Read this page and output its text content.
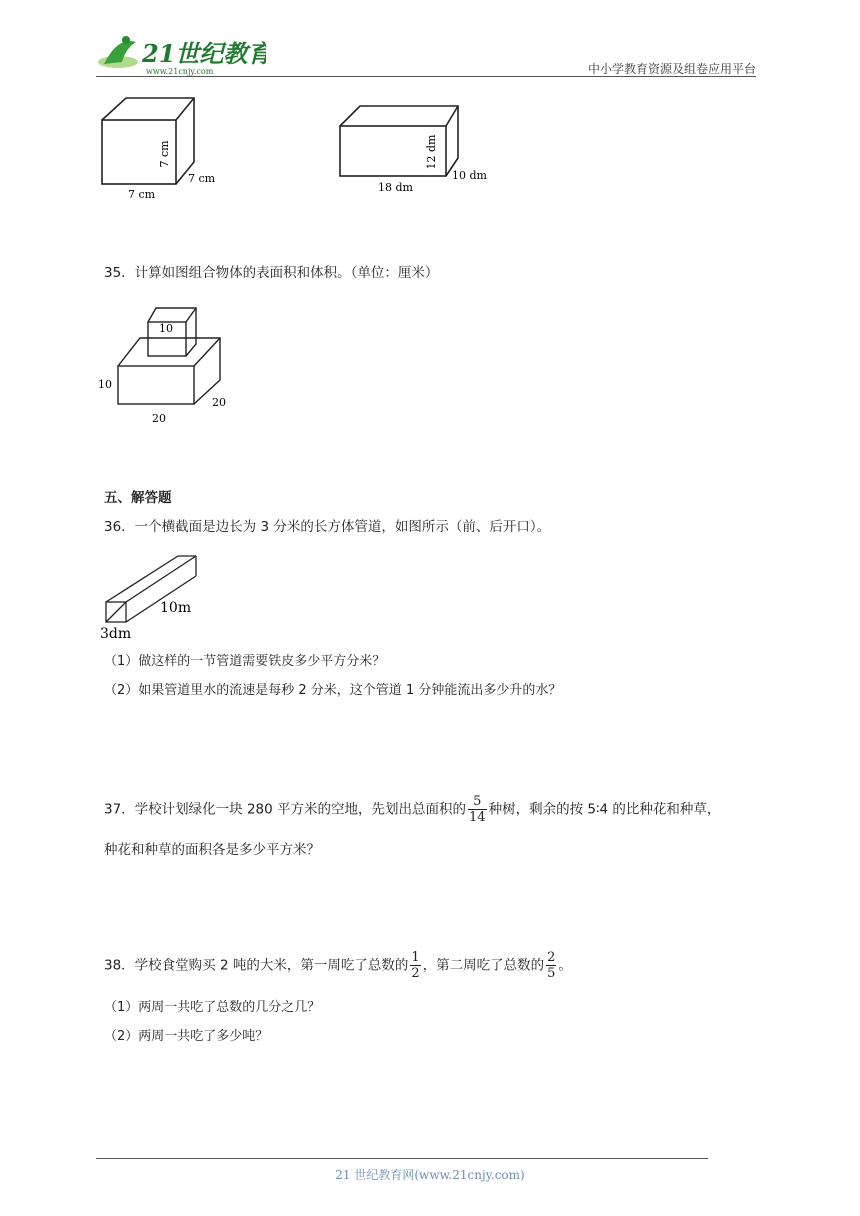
21世纪教育
www.21cnjy.com	中小学教育资源及组卷应用平台
7 cm
7 cm
7 cm
12 dm
10 dm
18 dm
35．计算如图组合物体的表面积和体积。（单位：厘米）
10
10
20
20
五、解答题
36．一个横截面是边长为 3 分米的长方体管道，如图所示（前、后开口）。
10m
3dm
（1）做这样的一节管道需要铁皮多少平方分米？
（2）如果管道里水的流速是每秒 2 分米，这个管道 1 分钟能流出多少升的水？
37．学校计划绿化一块 280 平方米的空地，先划出总面积的 $\frac{5}{14}$ 种树，剩余的按 5∶4 的比种花和种草，
种花和种草的面积各是多少平方米？
38．学校食堂购买 2 吨的大米，第一周吃了总数的 $\frac{1}{2}$ ，第二周吃了总数的 $\frac{2}{5}$ 。
（1）两周一共吃了总数的几分之几？
（2）两周一共吃了多少吨？
21 世纪教育网(www.21cnjy.com)
